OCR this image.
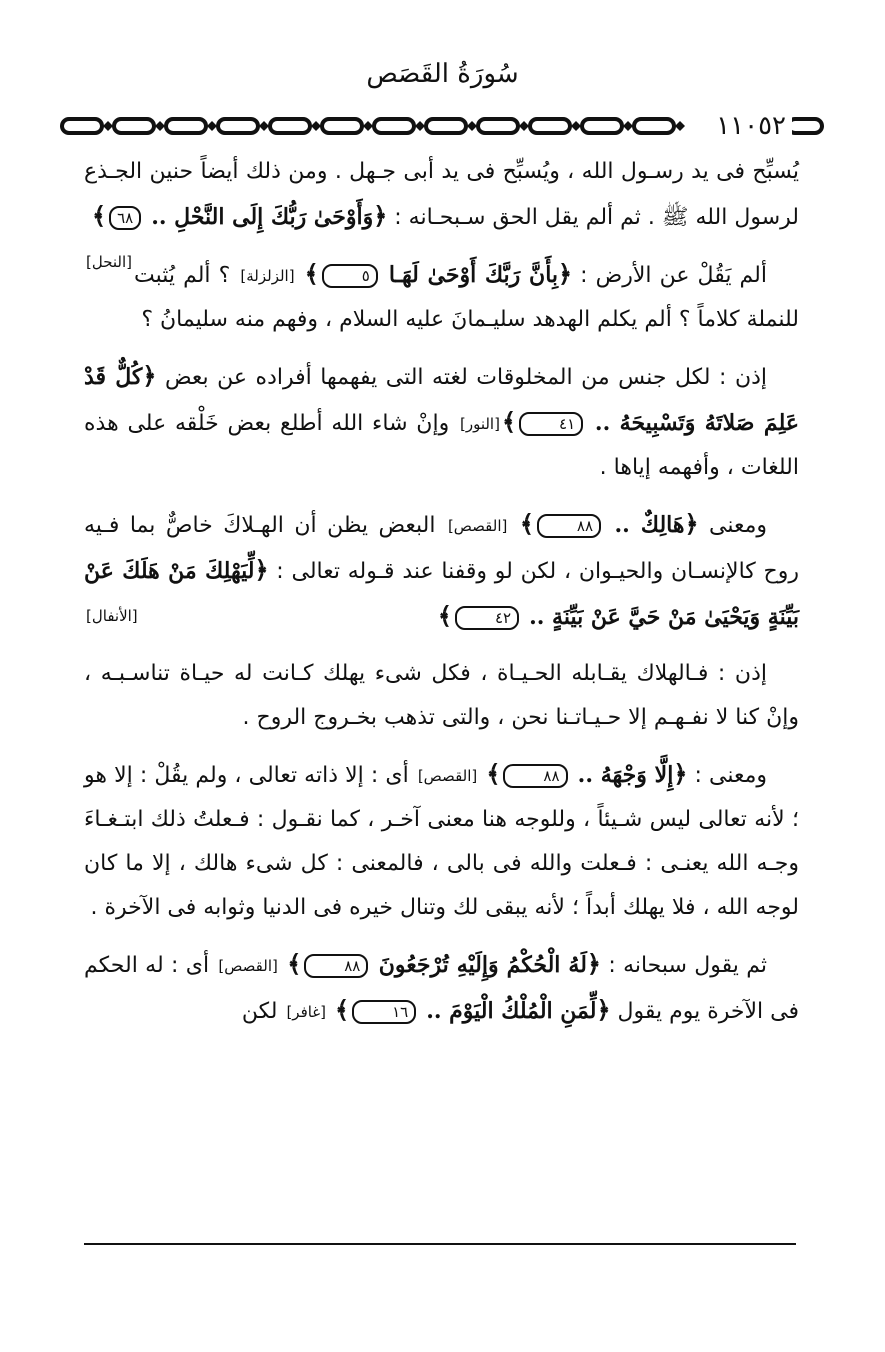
سُورَةُ القَصَص
١١٠٥٢

يُسبِّح فى يد رسـول الله ، ويُسبِّح فى يد أبى جـهل . ومن ذلك أيضاً حنين الجـذع لرسول الله ﷺ . ثم ألم يقل الحق سـبحـانه : ﴿وَأَوْحَىٰ رَبُّكَ إِلَى النَّحْلِ .. ٦٨﴾
[النحل]

ألم يَقُلْ عن الأرض : ﴿بِأَنَّ رَبَّكَ أَوْحَىٰ لَهَـا ٥﴾ [الزلزلة] ؟ ألم يُثبت للنملة كلاماً ؟ ألم يكلم الهدهد سليـمانَ عليه السلام ، وفهم منه سليمانُ ؟

إذن : لكل جنس من المخلوقات لغته التى يفهمها أفراده عن بعض ﴿كُلٌّ قَدْ عَلِمَ صَلاتَهُ وَتَسْبِيحَهُ .. ٤١﴾[النور] وإنْ شاء الله أطلع بعض خَلْقه على هذه اللغات ، وأفهمه إياها .

ومعنى ﴿هَالِكٌ .. ٨٨﴾ [القصص] البعض يظن أن الهـلاكَ خاصٌّ بما فـيه روح كالإنسـان والحيـوان ، لكن لو وقفنا عند قـوله تعالى : ﴿لِّيَهْلِكَ مَنْ هَلَكَ عَنْ بَيِّنَةٍ وَيَحْيَىٰ مَنْ حَيَّ عَنْ بَيِّنَةٍ .. ٤٢﴾
[الأنفال]

إذن : فـالهلاك يقـابله الحـيـاة ، فكل شىء يهلك كـانت له حيـاة تناسـبـه ، وإنْ كنا لا نفـهـم إلا حـيـاتـنا نحن ، والتى تذهب بخـروج الروح .

ومعنى : ﴿إِلَّا وَجْهَهُ .. ٨٨﴾ [القصص] أى : إلا ذاته تعالى ، ولم يقُلْ : إلا هو ؛ لأنه تعالى ليس شـيئاً ، وللوجه هنا معنى آخـر ، كما نقـول : فـعلتُ ذلك ابتـغـاءَ وجـه الله يعنـى : فـعلت والله فى بالى ، فالمعنى : كل شىء هالك ، إلا ما كان لوجه الله ، فلا يهلك أبداً ؛ لأنه يبقى لك وتنال خيره فى الدنيا وثوابه فى الآخرة .

ثم يقول سبحانه : ﴿لَهُ الْحُكْمُ وَإِلَيْهِ تُرْجَعُونَ ٨٨﴾ [القصص] أى : له الحكم فى الآخرة يوم يقول ﴿لِّمَنِ الْمُلْكُ الْيَوْمَ .. ١٦﴾ [غافر] لكن
